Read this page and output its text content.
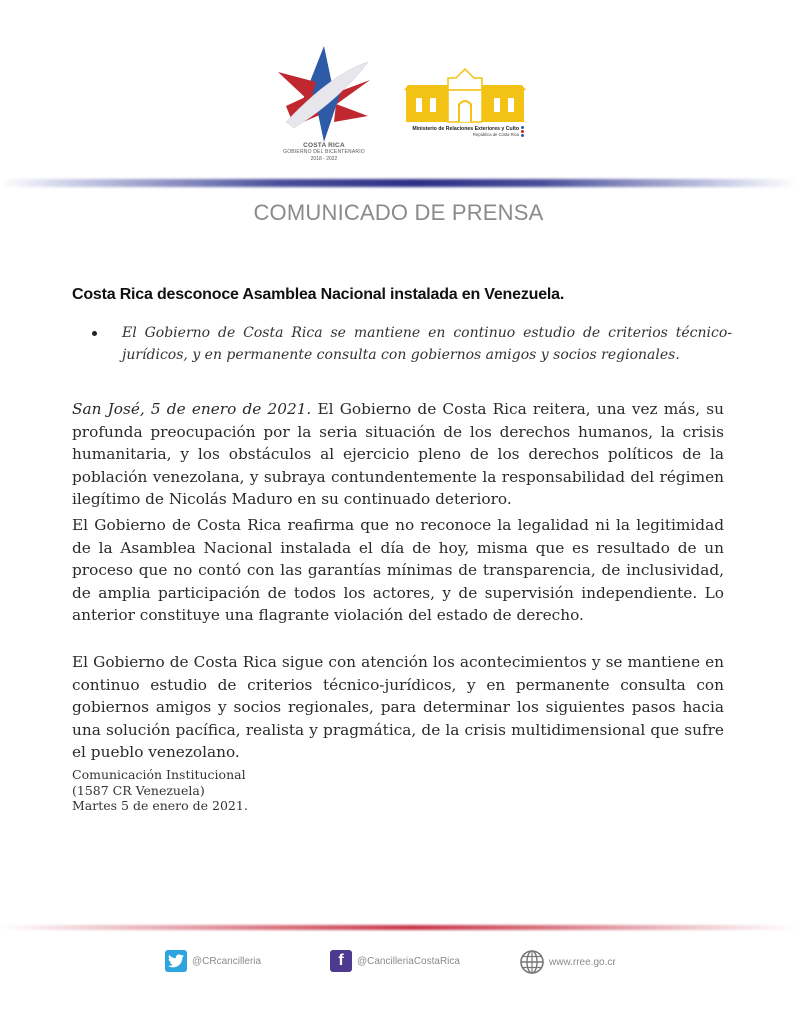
COSTA RICA
GOBIERNO DEL BICENTENARIO
2018 - 2022
Ministerio de Relaciones Exteriores y Culto
República de Costa Rica
COMUNICADO DE PRENSA
Costa Rica desconoce Asamblea Nacional instalada en Venezuela.
El Gobierno de Costa Rica se mantiene en continuo estudio de criterios técnico-jurídicos, y en permanente consulta con gobiernos amigos y socios regionales.
San José, 5 de enero de 2021. El Gobierno de Costa Rica reitera, una vez más, su profunda preocupación por la seria situación de los derechos humanos, la crisis humanitaria, y los obstáculos al ejercicio pleno de los derechos políticos de la población venezolana, y subraya contundentemente la responsabilidad del régimen ilegítimo de Nicolás Maduro en su continuado deterioro.
El Gobierno de Costa Rica reafirma que no reconoce la legalidad ni la legitimidad de la Asamblea Nacional instalada el día de hoy, misma que es resultado de un proceso que no contó con las garantías mínimas de transparencia, de inclusividad, de amplia participación de todos los actores, y de supervisión independiente. Lo anterior constituye una flagrante violación del estado de derecho.
El Gobierno de Costa Rica sigue con atención los acontecimientos y se mantiene en continuo estudio de criterios técnico-jurídicos, y en permanente consulta con gobiernos amigos y socios regionales, para determinar los siguientes pasos hacia una solución pacífica, realista y pragmática, de la crisis multidimensional que sufre el pueblo venezolano.
Comunicación Institucional
(1587 CR Venezuela)
Martes 5 de enero de 2021.
@CRcancilleria	f	@CancilleriaCostaRica	www.rree.go.cr
